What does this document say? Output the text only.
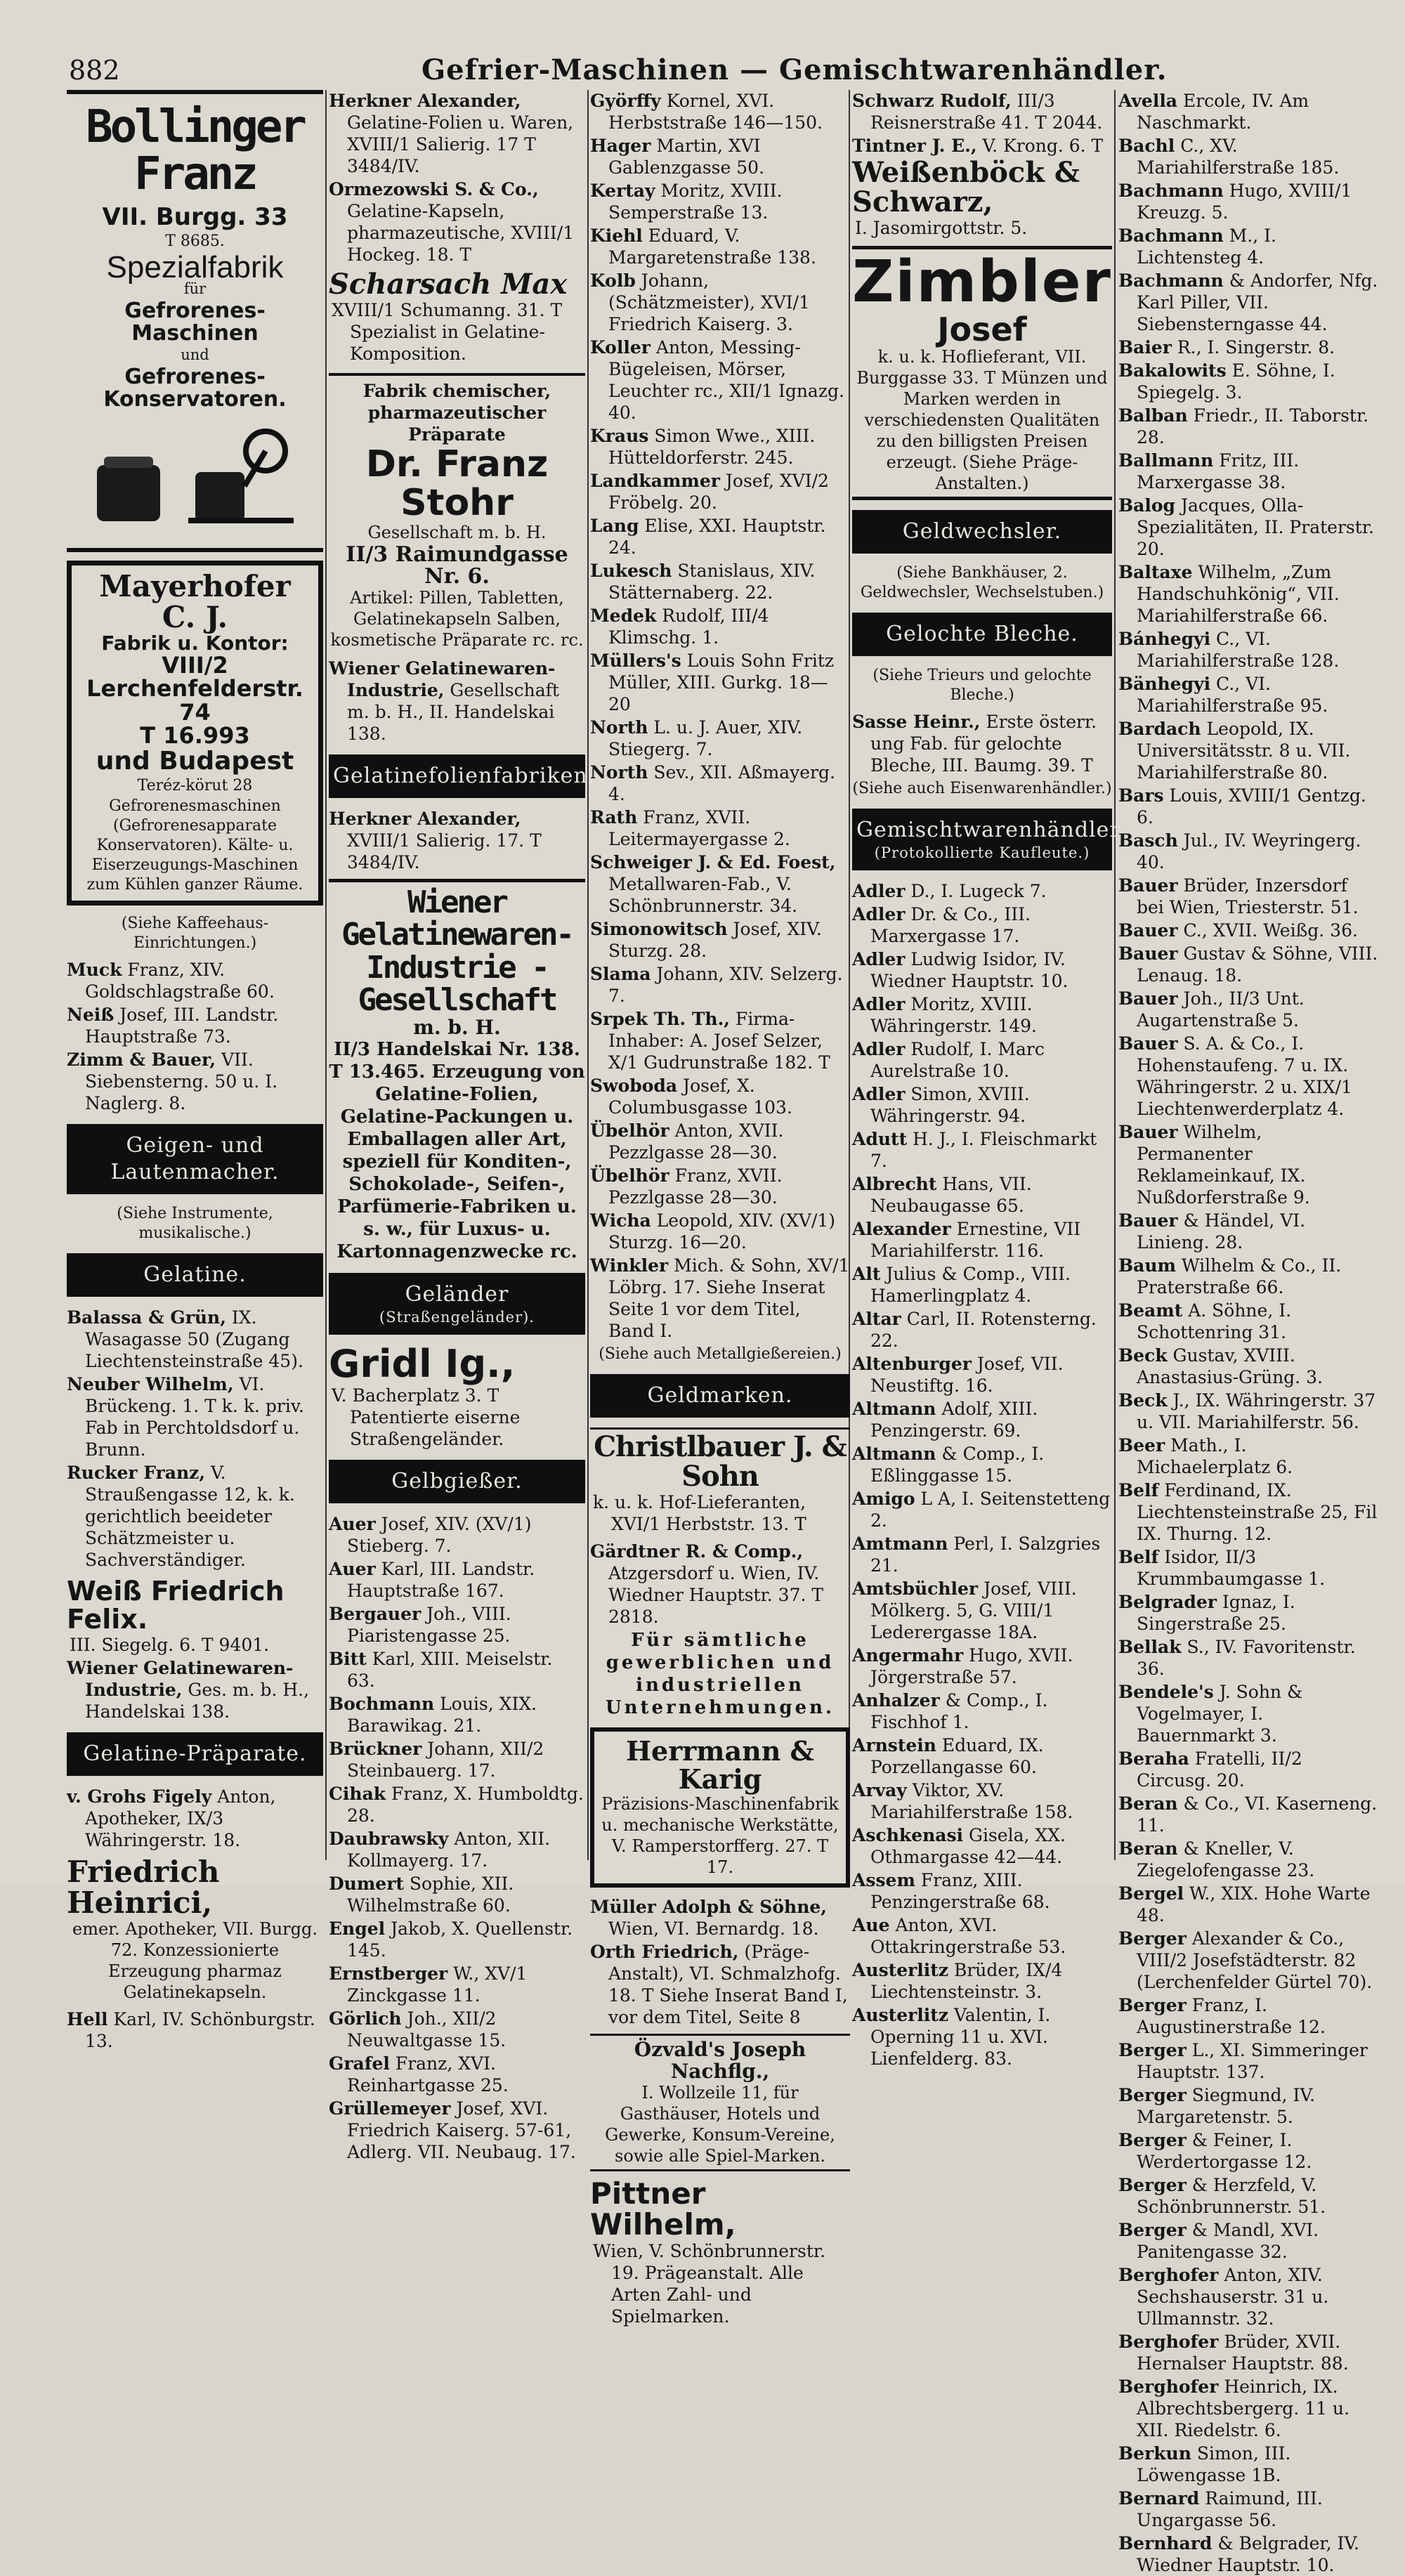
882	Gefrier-Maschinen — Gemischtwarenhändler.
Bollinger Franz
VII. Burgg. 33
T 8685.
Spezialfabrik
für
Gefrorenes-Maschinen
und
Gefrorenes-Konservatoren.
Mayerhofer C. J.
Fabrik u. Kontor:
VIII/2 Lerchenfelderstr. 74
T 16.993
und Budapest
Teréz-körut 28
Gefrorenesmaschinen (Gefrorenesapparate Konservatoren). Kälte- u. Eiserzeugungs-Maschinen zum Kühlen ganzer Räume.
(Siehe Kaffeehaus-Einrichtungen.)
Muck Franz, XIV. Goldschlagstraße 60.
Neiß Josef, III. Landstr. Hauptstraße 73.
Zimm & Bauer, VII. Siebensterng. 50 u. I. Naglerg. 8.
Geigen- und Lautenmacher.
(Siehe Instrumente, musikalische.)
Gelatine.
Balassa & Grün, IX. Wasagasse 50 (Zugang Liechtensteinstraße 45).
Neuber Wilhelm, VI. Brückeng. 1. T k. k. priv. Fab in Perchtoldsdorf u. Brunn.
Rucker Franz, V. Straußengasse 12, k. k. gerichtlich beeideter Schätzmeister u. Sachverständiger.
Weiß Friedrich Felix.
III. Siegelg. 6. T 9401.
Wiener Gelatinewaren-Industrie, Ges. m. b. H., Handelskai 138.
Gelatine-Präparate.
v. Grohs Figely Anton, Apotheker, IX/3 Währingerstr. 18.
Friedrich Heinrici,
emer. Apotheker, VII. Burgg. 72. Konzessionierte Erzeugung pharmaz Gelatinekapseln.
Hell Karl, IV. Schönburgstr. 13.
Herkner Alexander, Gelatine-Folien u. Waren, XVIII/1 Salierig. 17 T 3484/IV.
Ormezowski S. & Co., Gelatine-Kapseln, pharmazeutische, XVIII/1 Hockeg. 18. T
Scharsach Max
XVIII/1 Schumanng. 31. T Spezialist in Gelatine-Komposition.
Fabrik chemischer, pharmazeutischer Präparate
Dr. Franz Stohr
Gesellschaft m. b. H.
II/3 Raimundgasse Nr. 6.
Artikel: Pillen, Tabletten, Gelatinekapseln Salben, kosmetische Präparate rc. rc.
Wiener Gelatinewaren-Industrie, Gesellschaft m. b. H., II. Handelskai 138.
Gelatinefolienfabriken.
Herkner Alexander, XVIII/1 Salierig. 17. T 3484/IV.
Wiener Gelatinewaren-Industrie - Gesellschaft
m. b. H.
II/3 Handelskai Nr. 138. T 13.465. Erzeugung von Gelatine-Folien, Gelatine-Packungen u. Emballagen aller Art, speziell für Konditen-, Schokolade-, Seifen-, Parfümerie-Fabriken u. s. w., für Luxus- u. Kartonnagenzwecke rc.
Geländer
(Straßengeländer).
Gridl Ig.,
V. Bacherplatz 3. T Patentierte eiserne Straßengeländer.
Gelbgießer.
Auer Josef, XIV. (XV/1) Stieberg. 7.
Auer Karl, III. Landstr. Hauptstraße 167.
Bergauer Joh., VIII. Piaristengasse 25.
Bitt Karl, XIII. Meiselstr. 63.
Bochmann Louis, XIX. Barawikag. 21.
Brückner Johann, XII/2 Steinbauerg. 17.
Cihak Franz, X. Humboldtg. 28.
Daubrawsky Anton, XII. Kollmayerg. 17.
Dumert Sophie, XII. Wilhelmstraße 60.
Engel Jakob, X. Quellenstr. 145.
Ernstberger W., XV/1 Zinckgasse 11.
Görlich Joh., XII/2 Neuwaltgasse 15.
Grafel Franz, XVI. Reinhartgasse 25.
Grüllemeyer Josef, XVI. Friedrich Kaiserg. 57-61, Adlerg. VII. Neubaug. 17.
Györffy Kornel, XVI. Herbststraße 146—150.
Hager Martin, XVI Gablenzgasse 50.
Kertay Moritz, XVIII. Semperstraße 13.
Kiehl Eduard, V. Margaretenstraße 138.
Kolb Johann, (Schätzmeister), XVI/1 Friedrich Kaiserg. 3.
Koller Anton, Messing-Bügeleisen, Mörser, Leuchter rc., XII/1 Ignazg. 40.
Kraus Simon Wwe., XIII. Hütteldorferstr. 245.
Landkammer Josef, XVI/2 Fröbelg. 20.
Lang Elise, XXI. Hauptstr. 24.
Lukesch Stanislaus, XIV. Stätternaberg. 22.
Medek Rudolf, III/4 Klimschg. 1.
Müllers's Louis Sohn Fritz Müller, XIII. Gurkg. 18—20
North L. u. J. Auer, XIV. Stiegerg. 7.
North Sev., XII. Aßmayerg. 4.
Rath Franz, XVII. Leitermayergasse 2.
Schweiger J. & Ed. Foest, Metallwaren-Fab., V. Schönbrunnerstr. 34.
Simonowitsch Josef, XIV. Sturzg. 28.
Slama Johann, XIV. Selzerg. 7.
Srpek Th. Th., Firma-Inhaber: A. Josef Selzer, X/1 Gudrunstraße 182. T
Swoboda Josef, X. Columbusgasse 103.
Übelhör Anton, XVII. Pezzlgasse 28—30.
Übelhör Franz, XVII. Pezzlgasse 28—30.
Wicha Leopold, XIV. (XV/1) Sturzg. 16—20.
Winkler Mich. & Sohn, XV/1 Löbrg. 17. Siehe Inserat Seite 1 vor dem Titel, Band I.
(Siehe auch Metallgießereien.)
Geldmarken.
Christlbauer J. & Sohn
k. u. k. Hof-Lieferanten, XVI/1 Herbststr. 13. T
Gärdtner R. & Comp., Atzgersdorf u. Wien, IV. Wiedner Hauptstr. 37. T 2818.
Für sämtliche gewerblichen und industriellen Unternehmungen.
Herrmann & Karig
Präzisions-Maschinenfabrik u. mechanische Werkstätte, V. Ramperstorfferg. 27. T 17.
Müller Adolph & Söhne, Wien, VI. Bernardg. 18.
Orth Friedrich, (Präge-Anstalt), VI. Schmalzhofg. 18. T Siehe Inserat Band I, vor dem Titel, Seite 8
Özvald's Joseph Nachflg.,
I. Wollzeile 11, für Gasthäuser, Hotels und Gewerke, Konsum-Vereine, sowie alle Spiel-Marken.
Pittner Wilhelm,
Wien, V. Schönbrunnerstr. 19. Prägeanstalt. Alle Arten Zahl- und Spielmarken.
Schwarz Rudolf, III/3 Reisnerstraße 41. T 2044.
Tintner J. E., V. Krong. 6. T
Weißenböck & Schwarz,
I. Jasomirgottstr. 5.
Zimbler
Josef
k. u. k. Hoflieferant, VII. Burggasse 33. T Münzen und Marken werden in verschiedensten Qualitäten zu den billigsten Preisen erzeugt. (Siehe Präge-Anstalten.)
Geldwechsler.
(Siehe Bankhäuser, 2. Geldwechsler, Wechselstuben.)
Gelochte Bleche.
(Siehe Trieurs und gelochte Bleche.)
Sasse Heinr., Erste österr. ung Fab. für gelochte Bleche, III. Baumg. 39. T
(Siehe auch Eisenwarenhändler.)
Gemischtwarenhändler.
(Protokollierte Kaufleute.)
Adler D., I. Lugeck 7.
Adler Dr. & Co., III. Marxergasse 17.
Adler Ludwig Isidor, IV. Wiedner Hauptstr. 10.
Adler Moritz, XVIII. Währingerstr. 149.
Adler Rudolf, I. Marc Aurelstraße 10.
Adler Simon, XVIII. Währingerstr. 94.
Adutt H. J., I. Fleischmarkt 7.
Albrecht Hans, VII. Neubaugasse 65.
Alexander Ernestine, VII Mariahilferstr. 116.
Alt Julius & Comp., VIII. Hamerlingplatz 4.
Altar Carl, II. Rotensterng. 22.
Altenburger Josef, VII. Neustiftg. 16.
Altmann Adolf, XIII. Penzingerstr. 69.
Altmann & Comp., I. Eßlinggasse 15.
Amigo L A, I. Seitenstetteng 2.
Amtmann Perl, I. Salzgries 21.
Amtsbüchler Josef, VIII. Mölkerg. 5, G. VIII/1 Lederergasse 18A.
Angermahr Hugo, XVII. Jörgerstraße 57.
Anhalzer & Comp., I. Fischhof 1.
Arnstein Eduard, IX. Porzellangasse 60.
Arvay Viktor, XV. Mariahilferstraße 158.
Aschkenasi Gisela, XX. Othmargasse 42—44.
Assem Franz, XIII. Penzingerstraße 68.
Aue Anton, XVI. Ottakringerstraße 53.
Austerlitz Brüder, IX/4 Liechtensteinstr. 3.
Austerlitz Valentin, I. Operning 11 u. XVI. Lienfelderg. 83.
Avella Ercole, IV. Am Naschmarkt.
Bachl C., XV. Mariahilferstraße 185.
Bachmann Hugo, XVIII/1 Kreuzg. 5.
Bachmann M., I. Lichtensteg 4.
Bachmann & Andorfer, Nfg. Karl Piller, VII. Siebensterngasse 44.
Baier R., I. Singerstr. 8.
Bakalowits E. Söhne, I. Spiegelg. 3.
Balban Friedr., II. Taborstr. 28.
Ballmann Fritz, III. Marxergasse 38.
Balog Jacques, Olla-Spezialitäten, II. Praterstr. 20.
Baltaxe Wilhelm, „Zum Handschuhkönig“, VII. Mariahilferstraße 66.
Bánhegyi C., VI. Mariahilferstraße 128.
Bänhegyi C., VI. Mariahilferstraße 95.
Bardach Leopold, IX. Universitätsstr. 8 u. VII. Mariahilferstraße 80.
Bars Louis, XVIII/1 Gentzg. 6.
Basch Jul., IV. Weyringerg. 40.
Bauer Brüder, Inzersdorf bei Wien, Triesterstr. 51.
Bauer C., XVII. Weißg. 36.
Bauer Gustav & Söhne, VIII. Lenaug. 18.
Bauer Joh., II/3 Unt. Augartenstraße 5.
Bauer S. A. & Co., I. Hohenstaufeng. 7 u. IX. Währingerstr. 2 u. XIX/1 Liechtenwerderplatz 4.
Bauer Wilhelm, Permanenter Reklameinkauf, IX. Nußdorferstraße 9.
Bauer & Händel, VI. Linieng. 28.
Baum Wilhelm & Co., II. Praterstraße 66.
Beamt A. Söhne, I. Schottenring 31.
Beck Gustav, XVIII. Anastasius-Grüng. 3.
Beck J., IX. Währingerstr. 37 u. VII. Mariahilferstr. 56.
Beer Math., I. Michaelerplatz 6.
Belf Ferdinand, IX. Liechtensteinstraße 25, Fil IX. Thurng. 12.
Belf Isidor, II/3 Krummbaumgasse 1.
Belgrader Ignaz, I. Singerstraße 25.
Bellak S., IV. Favoritenstr. 36.
Bendele's J. Sohn & Vogelmayer, I. Bauernmarkt 3.
Beraha Fratelli, II/2 Circusg. 20.
Beran & Co., VI. Kaserneng. 11.
Beran & Kneller, V. Ziegelofengasse 23.
Bergel W., XIX. Hohe Warte 48.
Berger Alexander & Co., VIII/2 Josefstädterstr. 82 (Lerchenfelder Gürtel 70).
Berger Franz, I. Augustinerstraße 12.
Berger L., XI. Simmeringer Hauptstr. 137.
Berger Siegmund, IV. Margaretenstr. 5.
Berger & Feiner, I. Werdertorgasse 12.
Berger & Herzfeld, V. Schönbrunnerstr. 51.
Berger & Mandl, XVI. Panitengasse 32.
Berghofer Anton, XIV. Sechshauserstr. 31 u. Ullmannstr. 32.
Berghofer Brüder, XVII. Hernalser Hauptstr. 88.
Berghofer Heinrich, IX. Albrechtsbergerg. 11 u. XII. Riedelstr. 6.
Berkun Simon, III. Löwengasse 1B.
Bernard Raimund, III. Ungargasse 56.
Bernhard & Belgrader, IV. Wiedner Hauptstr. 10.
